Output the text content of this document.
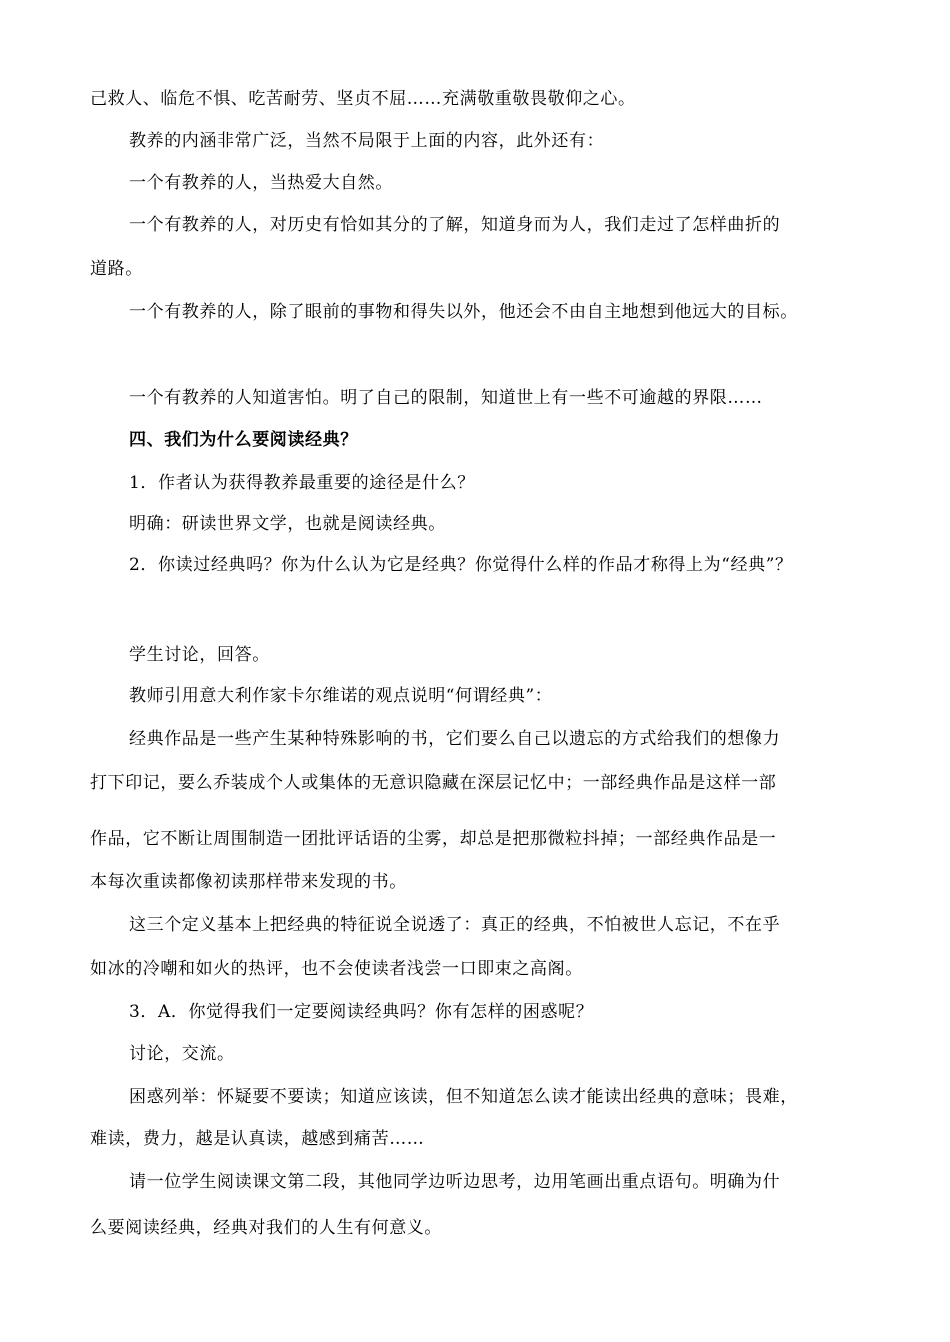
己救人、临危不惧、吃苦耐劳、坚贞不屈……充满敬重敬畏敬仰之心。
教养的内涵非常广泛，当然不局限于上面的内容，此外还有：
一个有教养的人，当热爱大自然。
一个有教养的人，对历史有恰如其分的了解，知道身而为人，我们走过了怎样曲折的
道路。
一个有教养的人，除了眼前的事物和得失以外，他还会不由自主地想到他远大的目标。
一个有教养的人知道害怕。明了自己的限制，知道世上有一些不可逾越的界限……
四、我们为什么要阅读经典？
1．作者认为获得教养最重要的途径是什么？
明确：研读世界文学，也就是阅读经典。
2．你读过经典吗？你为什么认为它是经典？你觉得什么样的作品才称得上为“经典”？
学生讨论，回答。
教师引用意大利作家卡尔维诺的观点说明“何谓经典”：
经典作品是一些产生某种特殊影响的书，它们要么自己以遗忘的方式给我们的想像力
打下印记，要么乔装成个人或集体的无意识隐藏在深层记忆中；一部经典作品是这样一部
作品，它不断让周围制造一团批评话语的尘雾，却总是把那微粒抖掉；一部经典作品是一
本每次重读都像初读那样带来发现的书。
这三个定义基本上把经典的特征说全说透了：真正的经典，不怕被世人忘记，不在乎
如冰的冷嘲和如火的热评，也不会使读者浅尝一口即束之高阁。
3．A．你觉得我们一定要阅读经典吗？你有怎样的困惑呢？
讨论，交流。
困惑列举：怀疑要不要读；知道应该读，但不知道怎么读才能读出经典的意味；畏难，
难读，费力，越是认真读，越感到痛苦……
请一位学生阅读课文第二段，其他同学边听边思考，边用笔画出重点语句。明确为什
么要阅读经典，经典对我们的人生有何意义。
